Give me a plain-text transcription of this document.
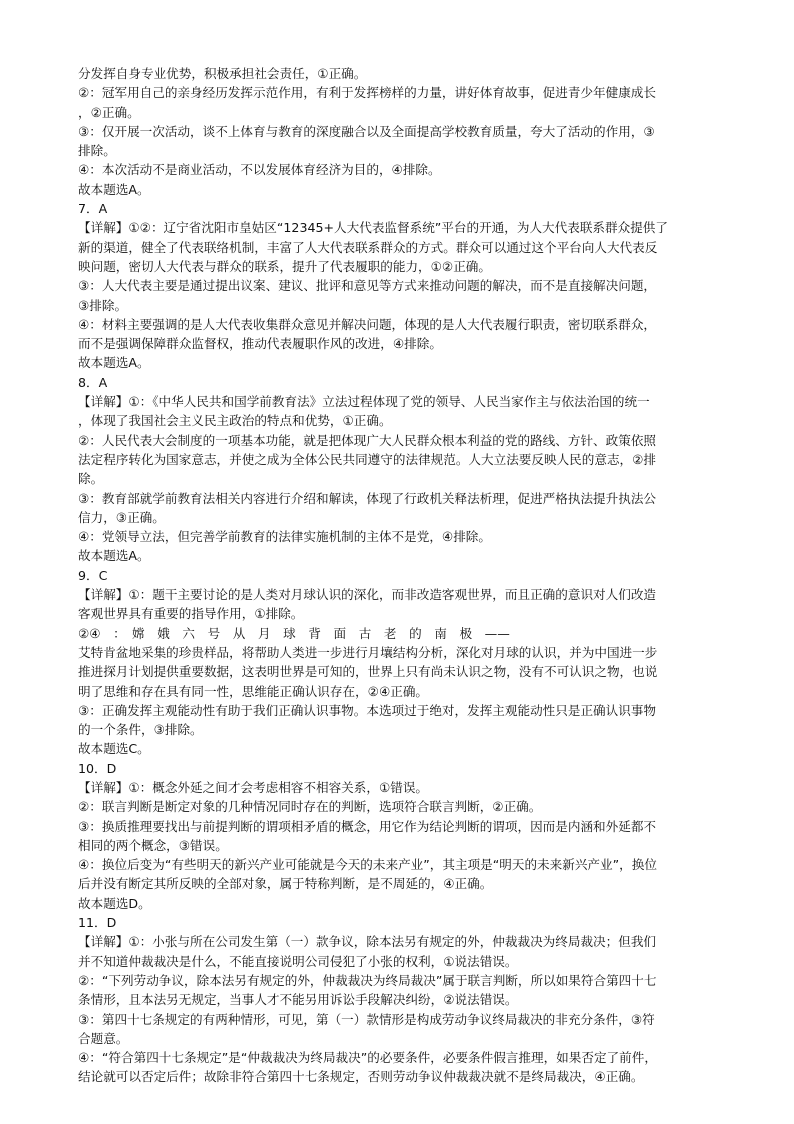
分发挥自身专业优势，积极承担社会责任，①正确。
②：冠军用自己的亲身经历发挥示范作用，有利于发挥榜样的力量，讲好体育故事，促进青少年健康成长
，②正确。
③：仅开展一次活动，谈不上体育与教育的深度融合以及全面提高学校教育质量，夸大了活动的作用，③
排除。
④：本次活动不是商业活动，不以发展体育经济为目的，④排除。
故本题选A。
7．A
【详解】①②：辽宁省沈阳市皇姑区“12345+人大代表监督系统”平台的开通，为人大代表联系群众提供了
新的渠道，健全了代表联络机制，丰富了人大代表联系群众的方式。群众可以通过这个平台向人大代表反
映问题，密切人大代表与群众的联系，提升了代表履职的能力，①②正确。
③：人大代表主要是通过提出议案、建议、批评和意见等方式来推动问题的解决，而不是直接解决问题，
③排除。
④：材料主要强调的是人大代表收集群众意见并解决问题，体现的是人大代表履行职责，密切联系群众，
而不是强调保障群众监督权，推动代表履职作风的改进，④排除。
故本题选A。
8．A
【详解】①：《中华人民共和国学前教育法》立法过程体现了党的领导、人民当家作主与依法治国的统一
，体现了我国社会主义民主政治的特点和优势，①正确。
②：人民代表大会制度的一项基本功能，就是把体现广大人民群众根本利益的党的路线、方针、政策依照
法定程序转化为国家意志，并使之成为全体公民共同遵守的法律规范。人大立法要反映人民的意志，②排
除。
③：教育部就学前教育法相关内容进行介绍和解读，体现了行政机关释法析理，促进严格执法提升执法公
信力，③正确。
④：党领导立法，但完善学前教育的法律实施机制的主体不是党，④排除。
故本题选A。
9．C
【详解】①：题干主要讨论的是人类对月球认识的深化，而非改造客观世界，而且正确的意识对人们改造
客观世界具有重要的指导作用，①排除。
②④　：　嫦　娥　六　号　从　月　球　背　面　古　老　的　南　极　——
艾特肯盆地采集的珍贵样品，将帮助人类进一步进行月壤结构分析，深化对月球的认识，并为中国进一步
推进探月计划提供重要数据，这表明世界是可知的，世界上只有尚未认识之物，没有不可认识之物，也说
明了思维和存在具有同一性，思维能正确认识存在，②④正确。
③：正确发挥主观能动性有助于我们正确认识事物。本选项过于绝对，发挥主观能动性只是正确认识事物
的一个条件，③排除。
故本题选C。
10．D
【详解】①：概念外延之间才会考虑相容不相容关系，①错误。
②：联言判断是断定对象的几种情况同时存在的判断，选项符合联言判断，②正确。
③：换质推理要找出与前提判断的谓项相矛盾的概念，用它作为结论判断的谓项，因而是内涵和外延都不
相同的两个概念，③错误。
④：换位后变为“有些明天的新兴产业可能就是今天的未来产业”，其主项是“明天的未来新兴产业”，换位
后并没有断定其所反映的全部对象，属于特称判断，是不周延的，④正确。
故本题选D。
11．D
【详解】①：小张与所在公司发生第（一）款争议，除本法另有规定的外，仲裁裁决为终局裁决；但我们
并不知道仲裁裁决是什么，不能直接说明公司侵犯了小张的权利，①说法错误。
②：“下列劳动争议，除本法另有规定的外，仲裁裁决为终局裁决”属于联言判断，所以如果符合第四十七
条情形，且本法另无规定，当事人才不能另用诉讼手段解决纠纷，②说法错误。
③：第四十七条规定的有两种情形，可见，第（一）款情形是构成劳动争议终局裁决的非充分条件，③符
合题意。
④：“符合第四十七条规定”是“仲裁裁决为终局裁决”的必要条件，必要条件假言推理，如果否定了前件，
结论就可以否定后件；故除非符合第四十七条规定，否则劳动争议仲裁裁决就不是终局裁决，④正确。
